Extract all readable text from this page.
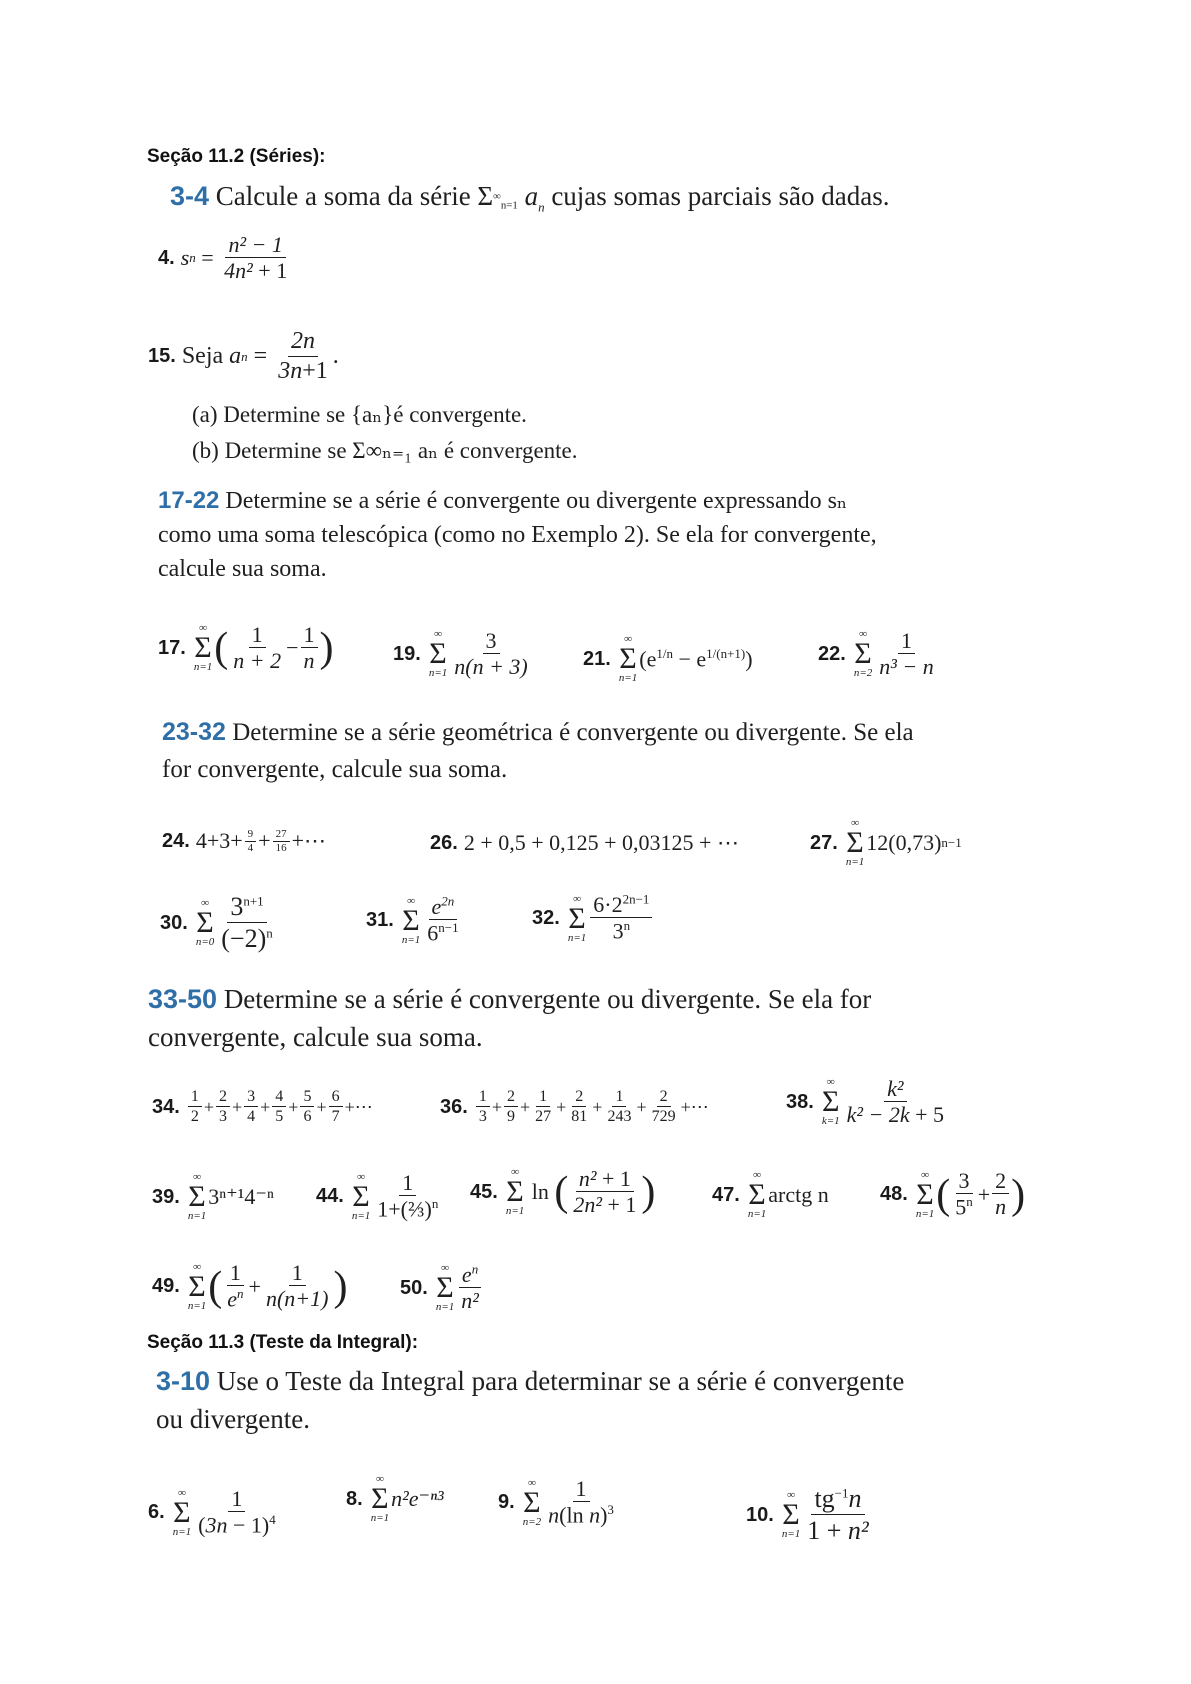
Seção 11.2 (Séries):
3-4 Calcule a soma da série $\Sigma^\infty_{n=1}$ $a_n$ cujas somas parciais são dadas.
4. s n =
n² − 1
4n² + 1
15. Seja
a n =
2n
3n+1
.
(a) Determine se {aₙ}é convergente.
(b) Determine se Σ∞ₙ₌₁ aₙ é convergente.
17-22 Determine se a série é convergente ou divergente expressando sₙ como uma soma telescópica (como no Exemplo 2). Se ela for convergente, calcule sua soma.
17.
∞
Σ
n=1 ( 1
n + 2
−
1
n )	19.
∞
Σ
n=1
3
n(n + 3)	21.
∞
Σ
n=1
$(e^{1/n} - e^{1/(n+1)})$	22.
∞
Σ
n=2
1
n³ − n
23-32 Determine se a série geométrica é convergente ou divergente. Se ela for convergente, calcule sua soma.
24. $4+3+ \frac{9}{4} + 27$
16 +⋯	26. 2 + 0,5 + 0,125 + 0,03125 + ⋯	27.
∞
Σ
n=1
12(0,73) n−1
30.
∞
Σ
n=0
$3^{n+1}$
$(-2)^n$
31.
∞
Σ
n=1
$e^{2n}$
$6^{n-1}$	32.
∞
Σ
n=1
$6\cdot 2^{2n-1}$
3$^n$
33-50 Determine se a série é convergente ou divergente. Se ela for convergente, calcule sua soma.
34. 1
2
+
2
3
+
3
4
+
4
5
+
5
6
+
6
7
+⋯	36. 1
3
+
2
9
+
1
27
+
2
81
+
1
243
+
2
729
+⋯	38.
∞
Σ
k=1
k²
k² − 2k + 5
39.
∞
Σ
n=1
3ⁿ⁺¹4⁻ⁿ 44.
∞
Σ
n=1
1
1+(⅔)$^n$
45.
∞
Σ
n=1
ln ( n² + 1
2n² + 1 )	47.
∞
Σ
n=1
arctg n	48.
∞
Σ
n=1 ( 3
$5^n$ +
2
n )
49.
∞
Σ
n=1 ( 1
$e^n$ +
1
n(n+1) )	50.
∞
Σ
n=1
$e^n$
n²
Seção 11.3 (Teste da Integral):
3-10 Use o Teste da Integral para determinar se a série é convergente ou divergente.
6.
∞
Σ
n=1
1
$(3n - 1)^4$
8.
∞
Σ
n=1
n²e⁻ⁿ³	9.
∞
Σ
n=2
1
n(ln n)$^3$	10.
∞
Σ
n=1
$tg^{-1}n$
1 + n²
